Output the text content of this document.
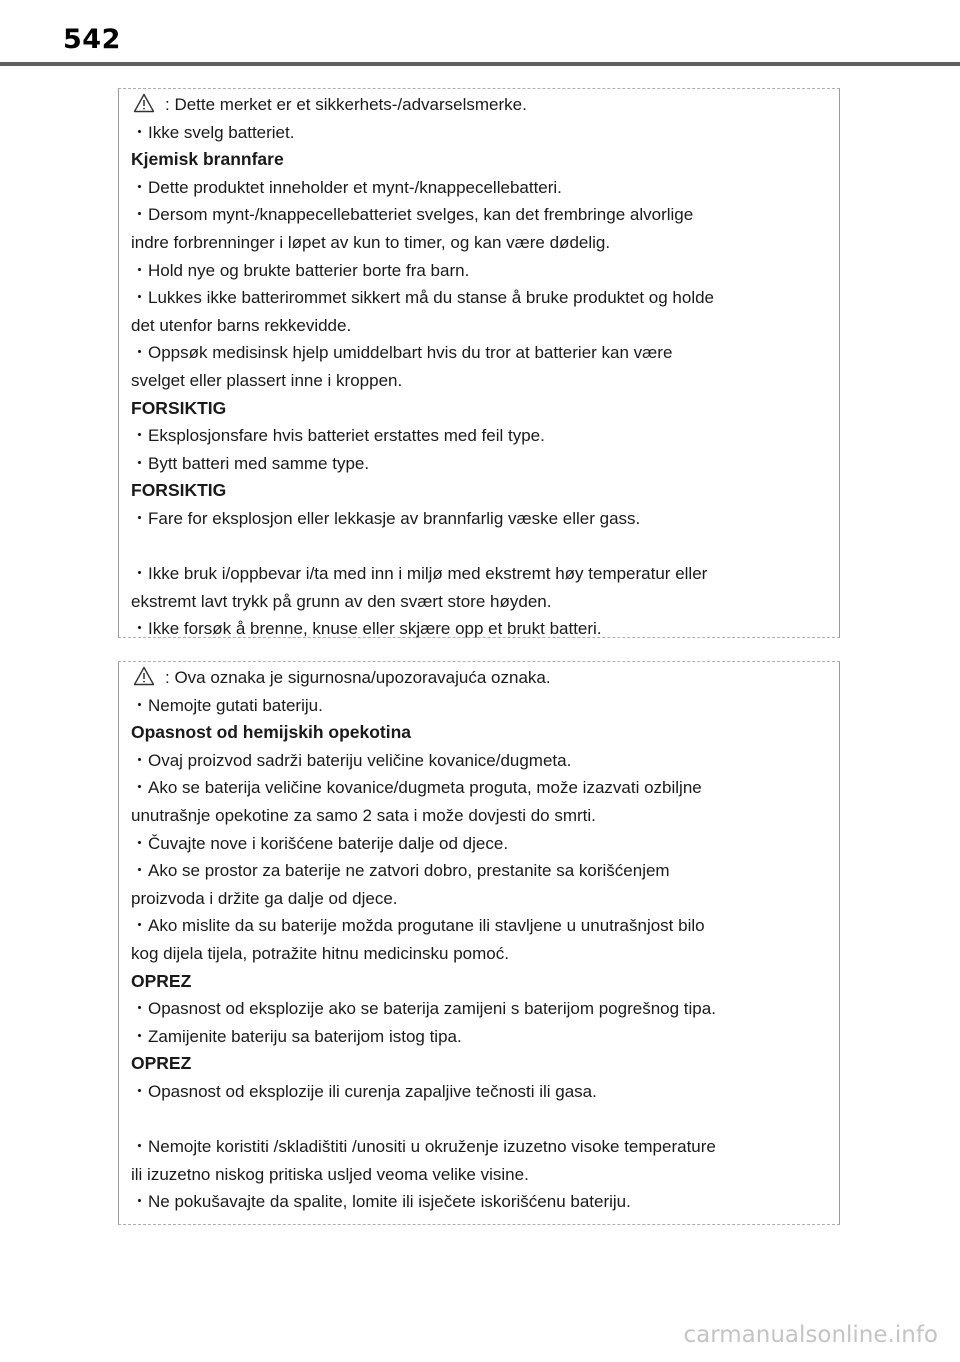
542
: Dette merket er et sikkerhets-/advarselsmerke.
・Ikke svelg batteriet.
Kjemisk brannfare
・Dette produktet inneholder et mynt-/knappecellebatteri.
・Dersom mynt-/knappecellebatteriet svelges, kan det frembringe alvorlige
indre forbrenninger i løpet av kun to timer, og kan være dødelig.
・Hold nye og brukte batterier borte fra barn.
・Lukkes ikke batterirommet sikkert må du stanse å bruke produktet og holde
det utenfor barns rekkevidde.
・Oppsøk medisinsk hjelp umiddelbart hvis du tror at batterier kan være
svelget eller plassert inne i kroppen.
FORSIKTIG
・Eksplosjonsfare hvis batteriet erstattes med feil type.
・Bytt batteri med samme type.
FORSIKTIG
・Fare for eksplosjon eller lekkasje av brannfarlig væske eller gass.
・Ikke bruk i/oppbevar i/ta med inn i miljø med ekstremt høy temperatur eller
ekstremt lavt trykk på grunn av den svært store høyden.
・Ikke forsøk å brenne, knuse eller skjære opp et brukt batteri.
: Ova oznaka je sigurnosna/upozoravajuća oznaka.
・Nemojte gutati bateriju.
Opasnost od hemijskih opekotina
・Ovaj proizvod sadrži bateriju veličine kovanice/dugmeta.
・Ako se baterija veličine kovanice/dugmeta proguta, može izazvati ozbiljne
unutrašnje opekotine za samo 2 sata i može dovjesti do smrti.
・Čuvajte nove i korišćene baterije dalje od djece.
・Ako se prostor za baterije ne zatvori dobro, prestanite sa korišćenjem
proizvoda i držite ga dalje od djece.
・Ako mislite da su baterije možda progutane ili stavljene u unutrašnjost bilo
kog dijela tijela, potražite hitnu medicinsku pomoć.
OPREZ
・Opasnost od eksplozije ako se baterija zamijeni s baterijom pogrešnog tipa.
・Zamijenite bateriju sa baterijom istog tipa.
OPREZ
・Opasnost od eksplozije ili curenja zapaljive tečnosti ili gasa.
・Nemojte koristiti /skladištiti /unositi u okruženje izuzetno visoke temperature
ili izuzetno niskog pritiska usljed veoma velike visine.
・Ne pokušavajte da spalite, lomite ili isječete iskorišćenu bateriju.
carmanualsonline.info
